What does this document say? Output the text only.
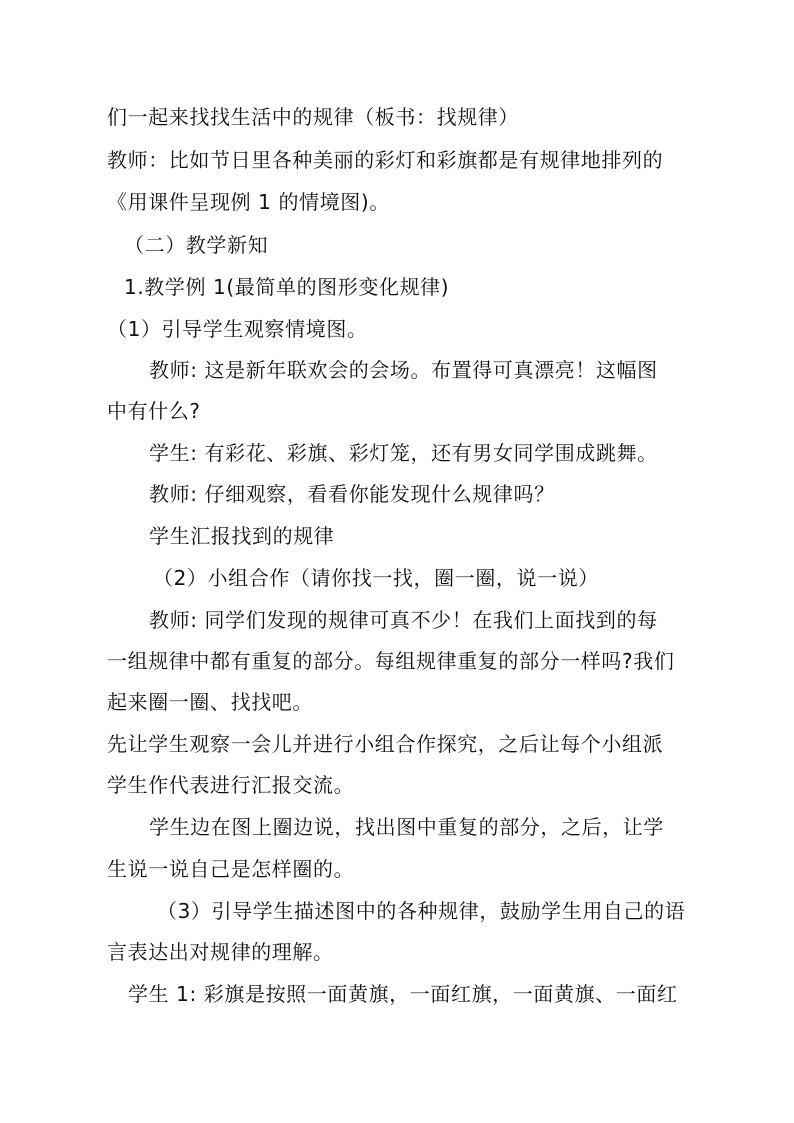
们一起来找找生活中的规律（板书：找规律）
教师：比如节日里各种美丽的彩灯和彩旗都是有规律地排列的
《用课件呈现例 1 的情境图)。
（二）教学新知
1.教学例 1(最简单的图形变化规律)
（1）引导学生观察情境图。
教师: 这是新年联欢会的会场。布置得可真漂亮！这幅图
中有什么?
学生: 有彩花、彩旗、彩灯笼，还有男女同学围成跳舞。
教师: 仔细观察，看看你能发现什么规律吗？
学生汇报找到的规律
（2）小组合作（请你找一找，圈一圈，说一说）
教师: 同学们发现的规律可真不少！在我们上面找到的每
一组规律中都有重复的部分。每组规律重复的部分一样吗?我们
起来圈一圈、找找吧。
先让学生观察一会儿并进行小组合作探究，之后让每个小组派
学生作代表进行汇报交流。
学生边在图上圈边说，找出图中重复的部分，之后，让学
生说一说自己是怎样圈的。
（3）引导学生描述图中的各种规律，鼓励学生用自己的语
言表达出对规律的理解。
学生 1: 彩旗是按照一面黄旗，一面红旗，一面黄旗、一面红
